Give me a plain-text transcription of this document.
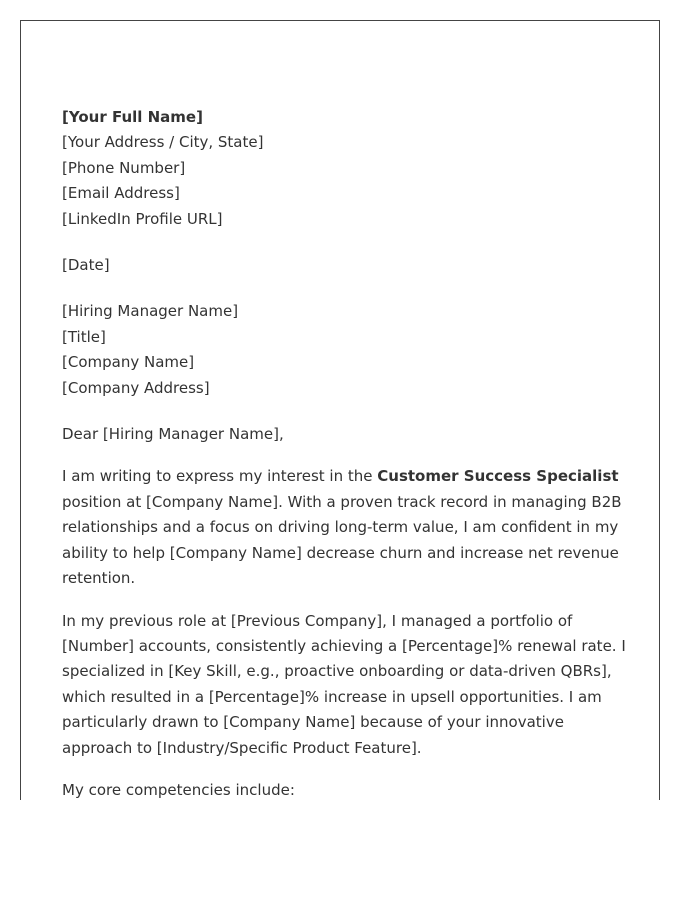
[Your Full Name]
[Your Address / City, State]
[Phone Number]
[Email Address]
[LinkedIn Profile URL]
[Date]
[Hiring Manager Name]
[Title]
[Company Name]
[Company Address]

Dear [Hiring Manager Name],

I am writing to express my interest in the Customer Success Specialist position at [Company Name]. With a proven track record in managing B2B relationships and a focus on driving long-term value, I am confident in my ability to help [Company Name] decrease churn and increase net revenue retention.

In my previous role at [Previous Company], I managed a portfolio of [Number] accounts, consistently achieving a [Percentage]% renewal rate. I specialized in [Key Skill, e.g., proactive onboarding or data-driven QBRs], which resulted in a [Percentage]% increase in upsell opportunities. I am particularly drawn to [Company Name] because of your innovative approach to [Industry/Specific Product Feature].

My core competencies include:
